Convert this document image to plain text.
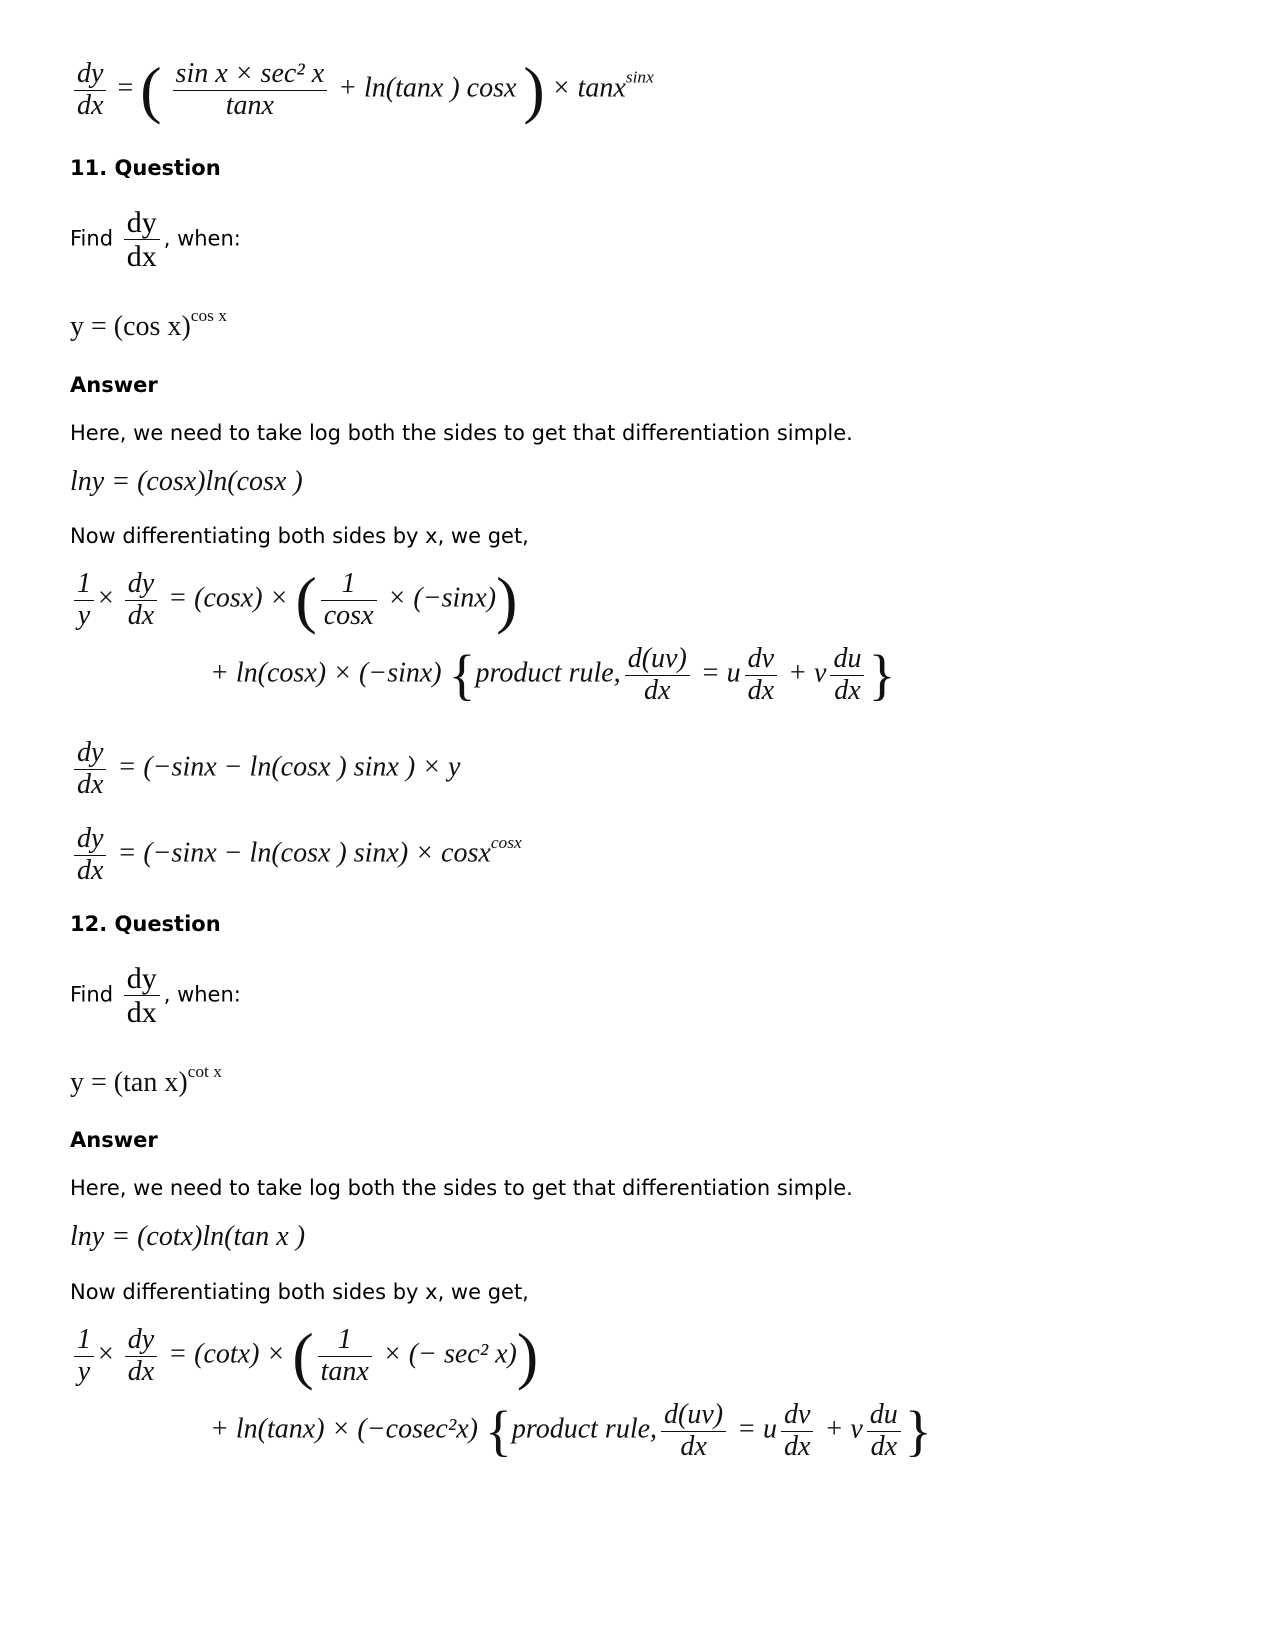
$\frac{dy}{dx}$ = ( sin x × sec² x
tanx
+ ln(tanx ) cosx ) × tanx$^{sinx}$
11. Question
Find $\frac{dy}{dx}$ , when:
y = (cos x)$^{cos x}$
Answer
Here, we need to take log both the sides to get that differentiation simple.
lny = (cosx)ln(cosx )
Now differentiating both sides by x, we get,
$\frac{1}{y} \times \frac{dy}{dx} = (\cos x)$ × ( $\frac{1}{\cos x} \times (-\sin x)$)
+ ln(cosx) × (−sinx) {product rule, $\frac{d(uv)}{dx} = u \frac{dv}{dx} + v \frac{du}{dx}$ }
$\frac{dy}{dx} = (-\sin x - \ln(\cos x$ ) sinx ) × y
$\frac{dy}{dx} = (-\sin x - \ln(\cos x$ ) sinx) × cosx$^{cosx}$
12. Question
Find $\frac{dy}{dx}$ , when:
y = (tan x)$^{cot x}$
Answer
Here, we need to take log both the sides to get that differentiation simple.
lny = (cotx)ln(tan x )
Now differentiating both sides by x, we get,
$\frac{1}{y} \times \frac{dy}{dx} = (\cot x)$ × ( $\frac{1}{\tan x}$ × (− sec² x))
+ ln(tanx) × (−cosec²x) {product rule, $\frac{d(uv)}{dx} = u \frac{dv}{dx} + v \frac{du}{dx}$ }
